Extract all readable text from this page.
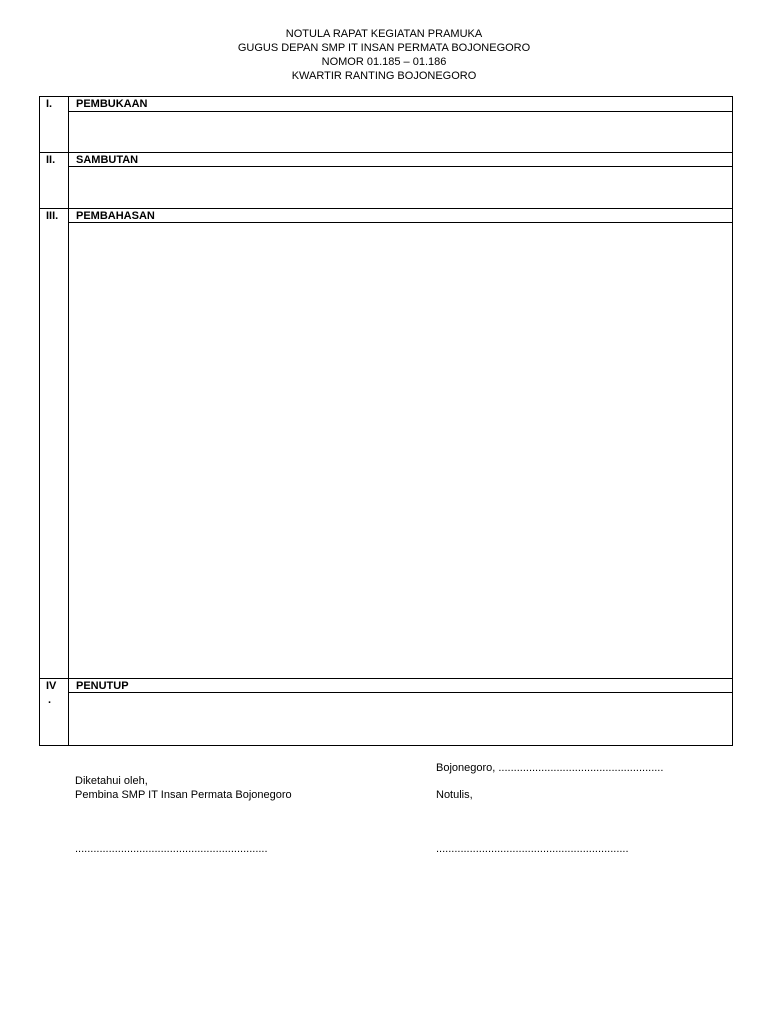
NOTULA RAPAT KEGIATAN PRAMUKA
GUGUS DEPAN SMP IT INSAN PERMATA BOJONEGORO
NOMOR 01.185 – 01.186
KWARTIR RANTING BOJONEGORO
I. PEMBUKAAN
II. SAMBUTAN
III. PEMBAHASAN
IV
.
PENUTUP
Bojonegoro, ......................................................
Diketahui oleh,
Pembina SMP IT Insan Permata Bojonegoro	Notulis,
...............................................................	...............................................................
